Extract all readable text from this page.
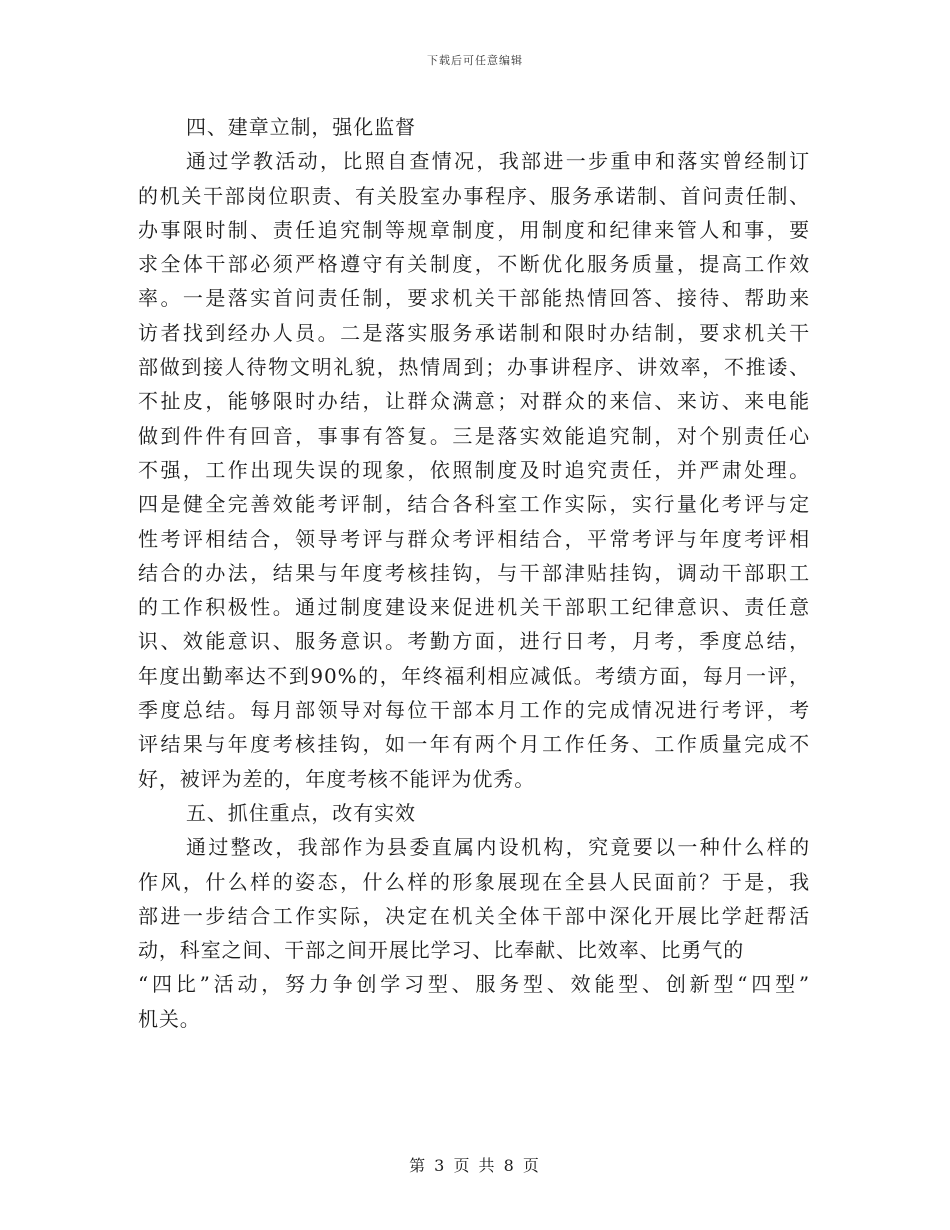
下载后可任意编辑
四、建章立制，强化监督
通过学教活动，比照自查情况，我部进一步重申和落实曾经制订
的机关干部岗位职责、有关股室办事程序、服务承诺制、首问责任制、
办事限时制、责任追究制等规章制度，用制度和纪律来管人和事，要
求全体干部必须严格遵守有关制度，不断优化服务质量，提高工作效
率。一是落实首问责任制，要求机关干部能热情回答、接待、帮助来
访者找到经办人员。二是落实服务承诺制和限时办结制，要求机关干
部做到接人待物文明礼貌，热情周到；办事讲程序、讲效率，不推诿、
不扯皮，能够限时办结，让群众满意；对群众的来信、来访、来电能
做到件件有回音，事事有答复。三是落实效能追究制，对个别责任心
不强，工作出现失误的现象，依照制度及时追究责任，并严肃处理。
四是健全完善效能考评制，结合各科室工作实际，实行量化考评与定
性考评相结合，领导考评与群众考评相结合，平常考评与年度考评相
结合的办法，结果与年度考核挂钩，与干部津贴挂钩，调动干部职工
的工作积极性。通过制度建设来促进机关干部职工纪律意识、责任意
识、效能意识、服务意识。考勤方面，进行日考，月考，季度总结，
年度出勤率达不到90%的，年终福利相应减低。考绩方面，每月一评，
季度总结。每月部领导对每位干部本月工作的完成情况进行考评，考
评结果与年度考核挂钩，如一年有两个月工作任务、工作质量完成不
好，被评为差的，年度考核不能评为优秀。
五、抓住重点，改有实效
通过整改，我部作为县委直属内设机构，究竟要以一种什么样的
作风，什么样的姿态，什么样的形象展现在全县人民面前？于是，我
部进一步结合工作实际，决定在机关全体干部中深化开展比学赶帮活
动，科室之间、干部之间开展比学习、比奉献、比效率、比勇气的
“四比”活动，努力争创学习型、服务型、效能型、创新型“四型”
机关。
第 3 页 共 8 页
